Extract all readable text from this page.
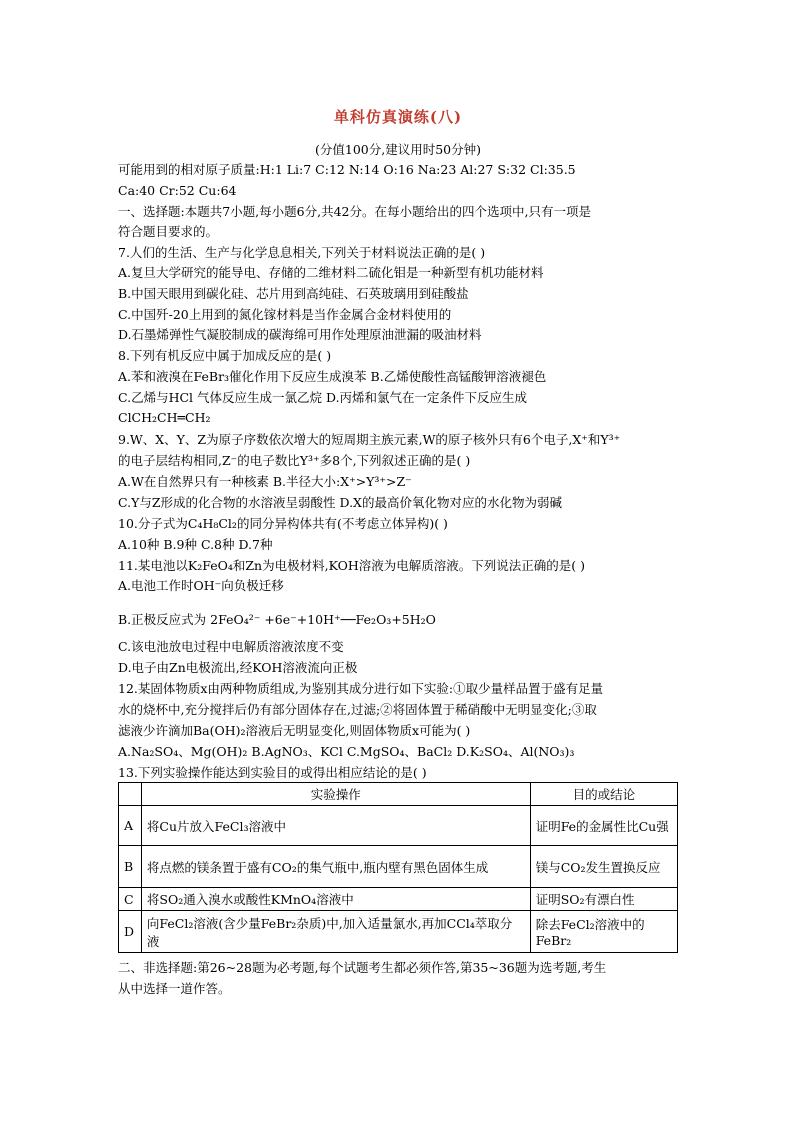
单科仿真演练(八)
(分值100分,建议用时50分钟)
可能用到的相对原子质量:H:1 Li:7 C:12 N:14 O:16 Na:23 Al:27 S:32 Cl:35.5
Ca:40 Cr:52 Cu:64
一、选择题:本题共7小题,每小题6分,共42分。在每小题给出的四个选项中,只有一项是
符合题目要求的。
7.人们的生活、生产与化学息息相关,下列关于材料说法正确的是( )
A.复旦大学研究的能导电、存储的二维材料二硫化钼是一种新型有机功能材料
B.中国天眼用到碳化硅、芯片用到高纯硅、石英玻璃用到硅酸盐
C.中国歼-20上用到的氮化镓材料是当作金属合金材料使用的
D.石墨烯弹性气凝胶制成的碳海绵可用作处理原油泄漏的吸油材料
8.下列有机反应中属于加成反应的是( )
A.苯和液溴在FeBr₃催化作用下反应生成溴苯 B.乙烯使酸性高锰酸钾溶液褪色
C.乙烯与HCl 气体反应生成一氯乙烷 D.丙烯和氯气在一定条件下反应生成
ClCH₂CH═CH₂
9.W、X、Y、Z为原子序数依次增大的短周期主族元素,W的原子核外只有6个电子,X⁺和Y³⁺
的电子层结构相同,Z⁻的电子数比Y³⁺多8个,下列叙述正确的是( )
A.W在自然界只有一种核素 B.半径大小:X⁺>Y³⁺>Z⁻
C.Y与Z形成的化合物的水溶液呈弱酸性 D.X的最高价氧化物对应的水化物为弱碱
10.分子式为C₄H₈Cl₂的同分异构体共有(不考虑立体异构)( )
A.10种 B.9种 C.8种 D.7种
11.某电池以K₂FeO₄和Zn为电极材料,KOH溶液为电解质溶液。下列说法正确的是( )
A.电池工作时OH⁻向负极迁移
B.正极反应式为 2FeO₄²⁻ +6e⁻+10H⁺──Fe₂O₃+5H₂O
C.该电池放电过程中电解质溶液浓度不变
D.电子由Zn电极流出,经KOH溶液流向正极
12.某固体物质x由两种物质组成,为鉴别其成分进行如下实验:①取少量样品置于盛有足量
水的烧杯中,充分搅拌后仍有部分固体存在,过滤;②将固体置于稀硝酸中无明显变化;③取
滤液少许滴加Ba(OH)₂溶液后无明显变化,则固体物质x可能为( )
A.Na₂SO₄、Mg(OH)₂ B.AgNO₃、KCl C.MgSO₄、BaCl₂ D.K₂SO₄、Al(NO₃)₃
13.下列实验操作能达到实验目的或得出相应结论的是( )
	实验操作	目的或结论
A	将Cu片放入FeCl₃溶液中	证明Fe的金属性比Cu强
B	将点燃的镁条置于盛有CO₂的集气瓶中,瓶内壁有黑色固体生成	镁与CO₂发生置换反应
C	将SO₂通入溴水或酸性KMnO₄溶液中	证明SO₂有漂白性
D	向FeCl₂溶液(含少量FeBr₂杂质)中,加入适量氯水,再加CCl₄萃取分液	除去FeCl₂溶液中的FeBr₂
二、非选择题:第26~28题为必考题,每个试题考生都必须作答,第35~36题为选考题,考生
从中选择一道作答。
